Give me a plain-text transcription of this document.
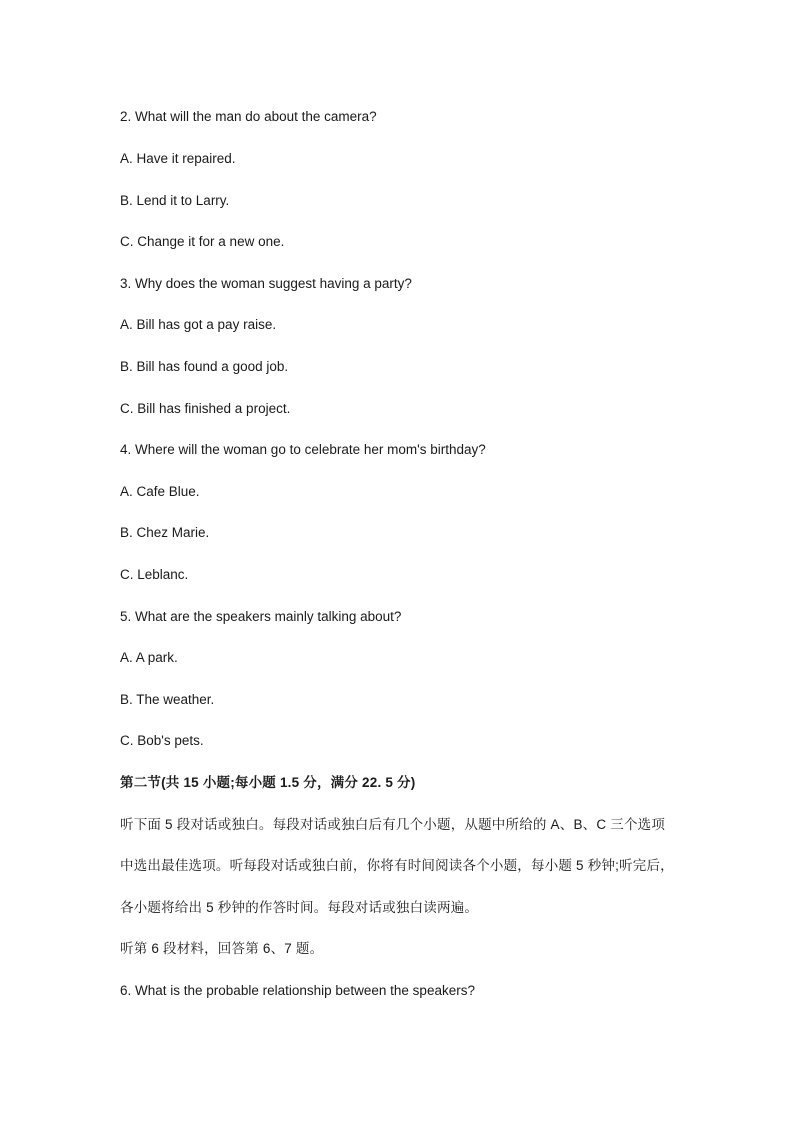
2. What will the man do about the camera?
A. Have it repaired.
B. Lend it to Larry.
C. Change it for a new one.
3. Why does the woman suggest having a party?
A. Bill has got a pay raise.
B. Bill has found a good job.
C. Bill has finished a project.
4. Where will the woman go to celebrate her mom's birthday?
A. Cafe Blue.
B. Chez Marie.
C. Leblanc.
5. What are the speakers mainly talking about?
A. A park.
B. The weather.
C. Bob's pets.
第二节(共 15 小题;每小题 1.5 分，满分 22. 5 分)
听下面 5 段对话或独白。每段对话或独白后有几个小题，从题中所给的 A、B、C 三个选项
中选出最佳选项。听每段对话或独白前，你将有时间阅读各个小题，每小题 5 秒钟;听完后，
各小题将给出 5 秒钟的作答时间。每段对话或独白读两遍。
听第 6 段材料，回答第 6、7 题。
6. What is the probable relationship between the speakers?
